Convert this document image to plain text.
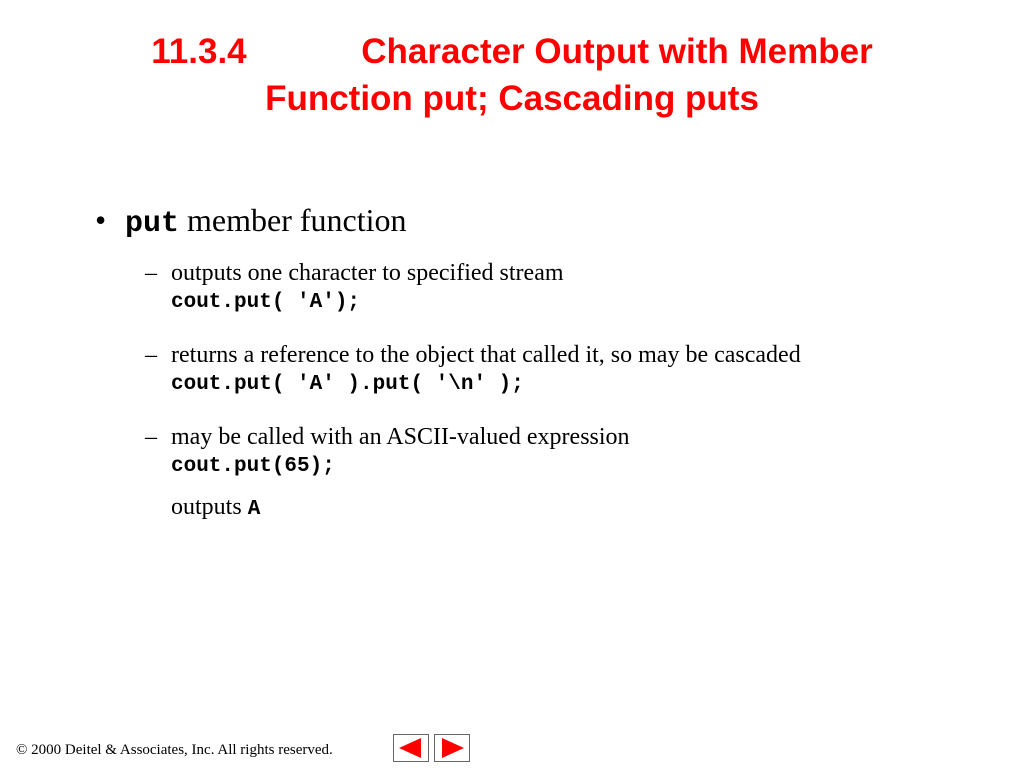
11.3.4	Character Output with Member
Function put; Cascading puts
• put member function
– outputs one character to specified stream
cout.put( 'A');
– returns a reference to the object that called it, so may be cascaded
cout.put( 'A' ).put( '\n' );
– may be called with an ASCII-valued expression
cout.put(65);
outputs A
© 2000 Deitel & Associates, Inc. All rights reserved.
